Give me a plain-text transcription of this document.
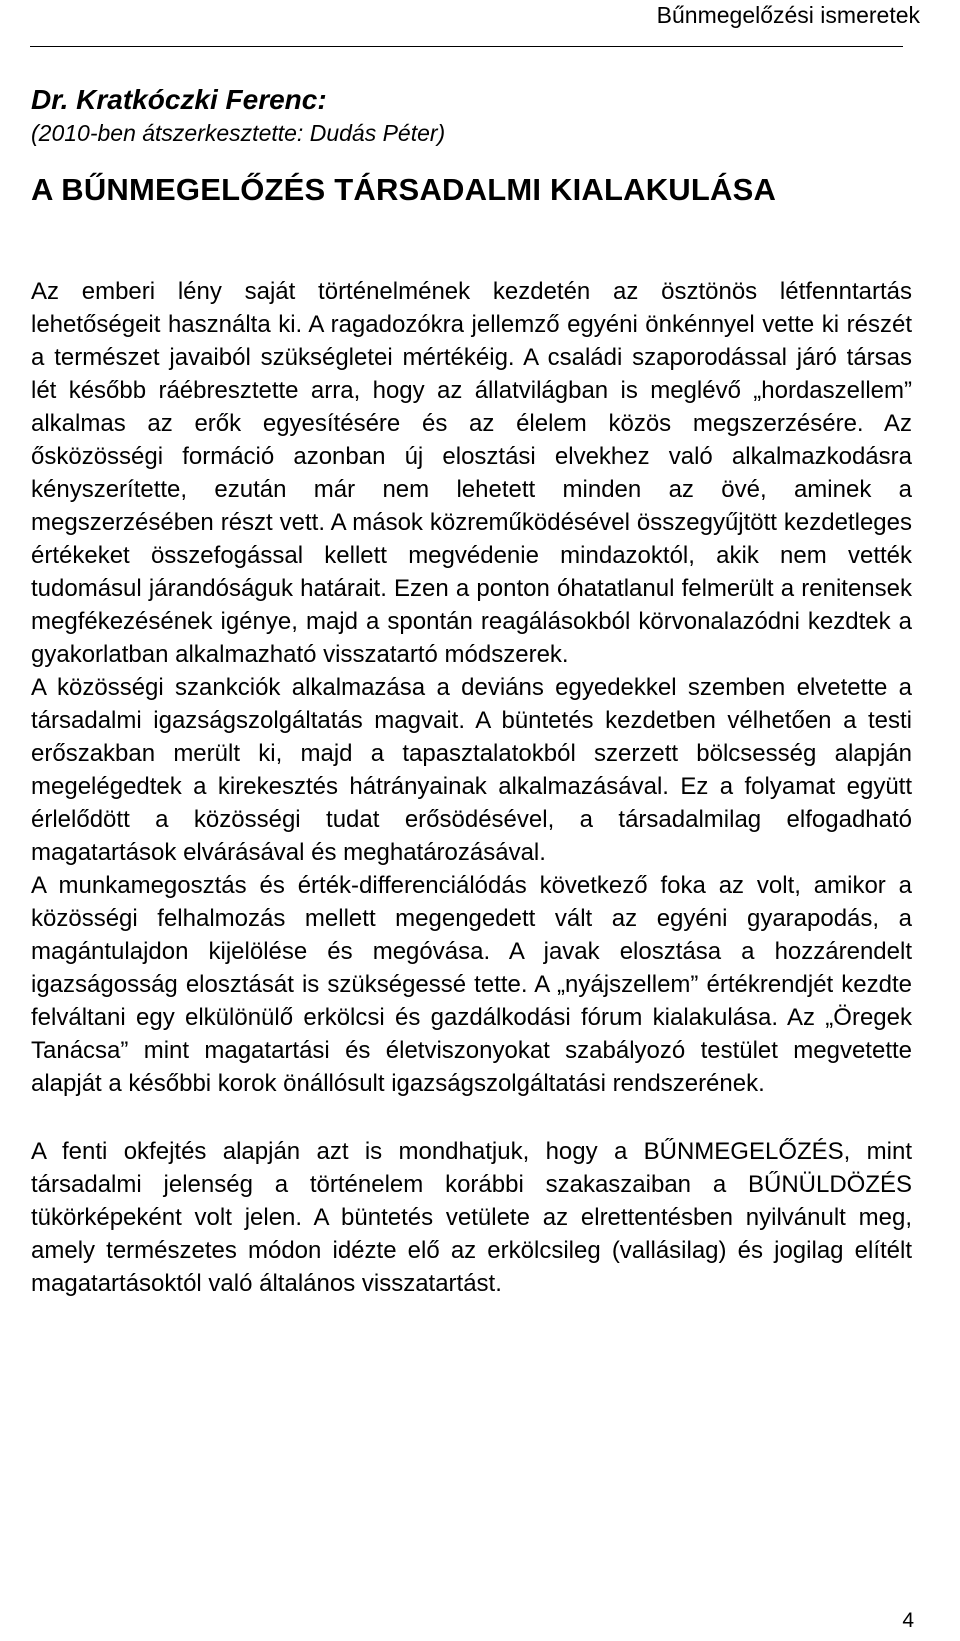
Bűnmegelőzési ismeretek
Dr. Kratkóczki Ferenc:
(2010-ben átszerkesztette: Dudás Péter)
A BŰNMEGELŐZÉS TÁRSADALMI KIALAKULÁSA

Az emberi lény saját történelmének kezdetén az ösztönös létfenntartás lehetőségeit használta ki. A ragadozókra jellemző egyéni önkénnyel vette ki részét a természet javaiból szükségletei mértékéig. A családi szaporodással járó társas lét később ráébresztette arra, hogy az állatvilágban is meglévő „hordaszellem” alkalmas az erők egyesítésére és az élelem közös megszerzésére. Az ősközösségi formáció azonban új elosztási elvekhez való alkalmazkodásra kényszerítette, ezután már nem lehetett minden az övé, aminek a megszerzésében részt vett. A mások közreműködésével összegyűjtött kezdetleges értékeket összefogással kellett megvédenie mindazoktól, akik nem vették tudomásul járandóságuk határait. Ezen a ponton óhatatlanul felmerült a renitensek megfékezésének igénye, majd a spontán reagálásokból körvonalazódni kezdtek a gyakorlatban alkalmazható visszatartó módszerek.

A közösségi szankciók alkalmazása a deviáns egyedekkel szemben elvetette a társadalmi igazságszolgáltatás magvait. A büntetés kezdetben vélhetően a testi erőszakban merült ki, majd a tapasztalatokból szerzett bölcsesség alapján megelégedtek a kirekesztés hátrányainak alkalmazásával. Ez a folyamat együtt érlelődött a közösségi tudat erősödésével, a társadalmilag elfogadható magatartások elvárásával és meghatározásával.

A munkamegosztás és érték-differenciálódás következő foka az volt, amikor a közösségi felhalmozás mellett megengedett vált az egyéni gyarapodás, a magántulajdon kijelölése és megóvása. A javak elosztása a hozzárendelt igazságosság elosztását is szükségessé tette. A „nyájszellem” értékrendjét kezdte felváltani egy elkülönülő erkölcsi és gazdálkodási fórum kialakulása. Az „Öregek Tanácsa” mint magatartási és életviszonyokat szabályozó testület megvetette alapját a későbbi korok önállósult igazságszolgáltatási rendszerének.

A fenti okfejtés alapján azt is mondhatjuk, hogy a BŰNMEGELŐZÉS, mint társadalmi jelenség a történelem korábbi szakaszaiban a BŰNÜLDÖZÉS tükörképeként volt jelen. A büntetés vetülete az elrettentésben nyilvánult meg, amely természetes módon idézte elő az erkölcsileg (vallásilag) és jogilag elítélt magatartásoktól való általános visszatartást.

4
